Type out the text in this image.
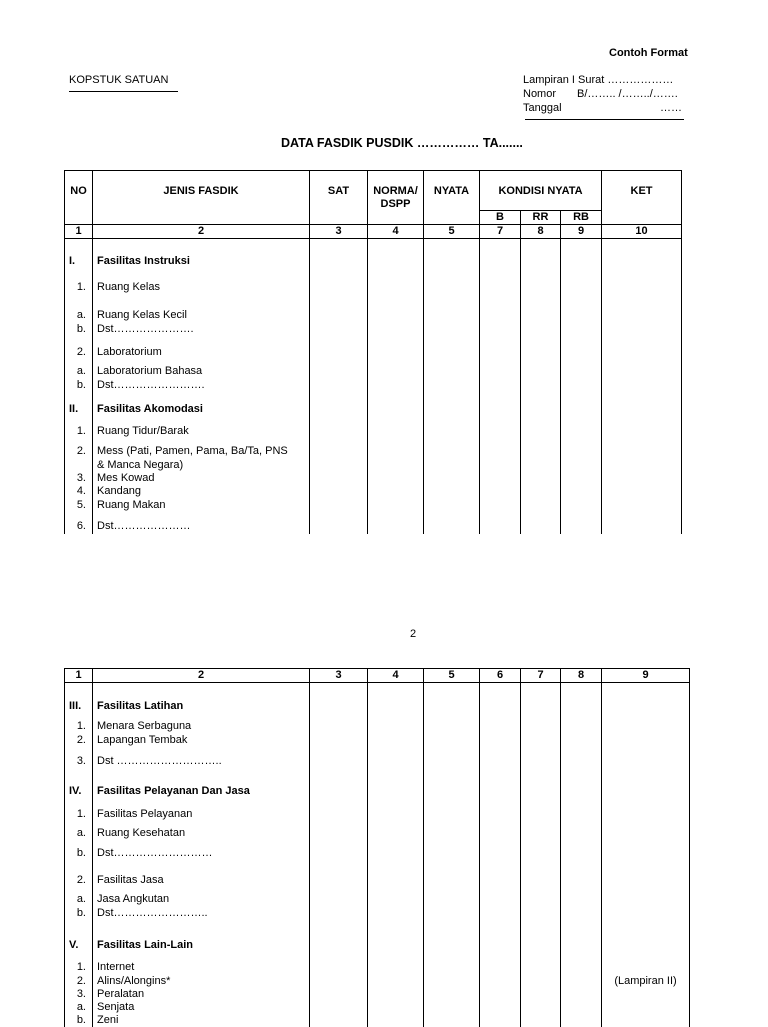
Contoh Format
KOPSTUK SATUAN	Lampiran I Surat ………………
Nomor B/…….. /……../…….
Tanggal	……
DATA FASDIK PUSDIK …………… TA.......
NO	JENIS FASDIK	SAT	NORMA/ DSPP	NYATA	KONDISI NYATA			KET
					B	RR	RB	
1	2	3	4	5	7	8	9	10
I.	Fasilitas Instruksi							
1.	Ruang Kelas							
a.	Ruang Kelas Kecil							
b.	Dst………………….							
2.	Laboratorium							
a.	Laboratorium Bahasa							
b.	Dst…………………….							
II.	Fasilitas Akomodasi							
1.	Ruang Tidur/Barak							
2.	Mess (Pati, Pamen, Pama, Ba/Ta, PNS							
	& Manca Negara)							
3.	Mes Kowad							
4.	Kandang							
5.	Ruang Makan							
6.	Dst…………………							
2
1	2	3	4	5	6	7	8	9
III.	Fasilitas Latihan							
1.	Menara Serbaguna							
2.	Lapangan Tembak							
3.	Dst ………………………..							
IV.	Fasilitas Pelayanan Dan Jasa							
1.	Fasilitas Pelayanan							
a.	Ruang Kesehatan							
b.	Dst………………………							
2.	Fasilitas Jasa							
a.	Jasa Angkutan							
b.	Dst……………………..							
V.	Fasilitas Lain-Lain							
1.	Internet							
2.	Alins/Alongins*							(Lampiran II)
3.	Peralatan							
a.	Senjata							
b.	Zeni							
